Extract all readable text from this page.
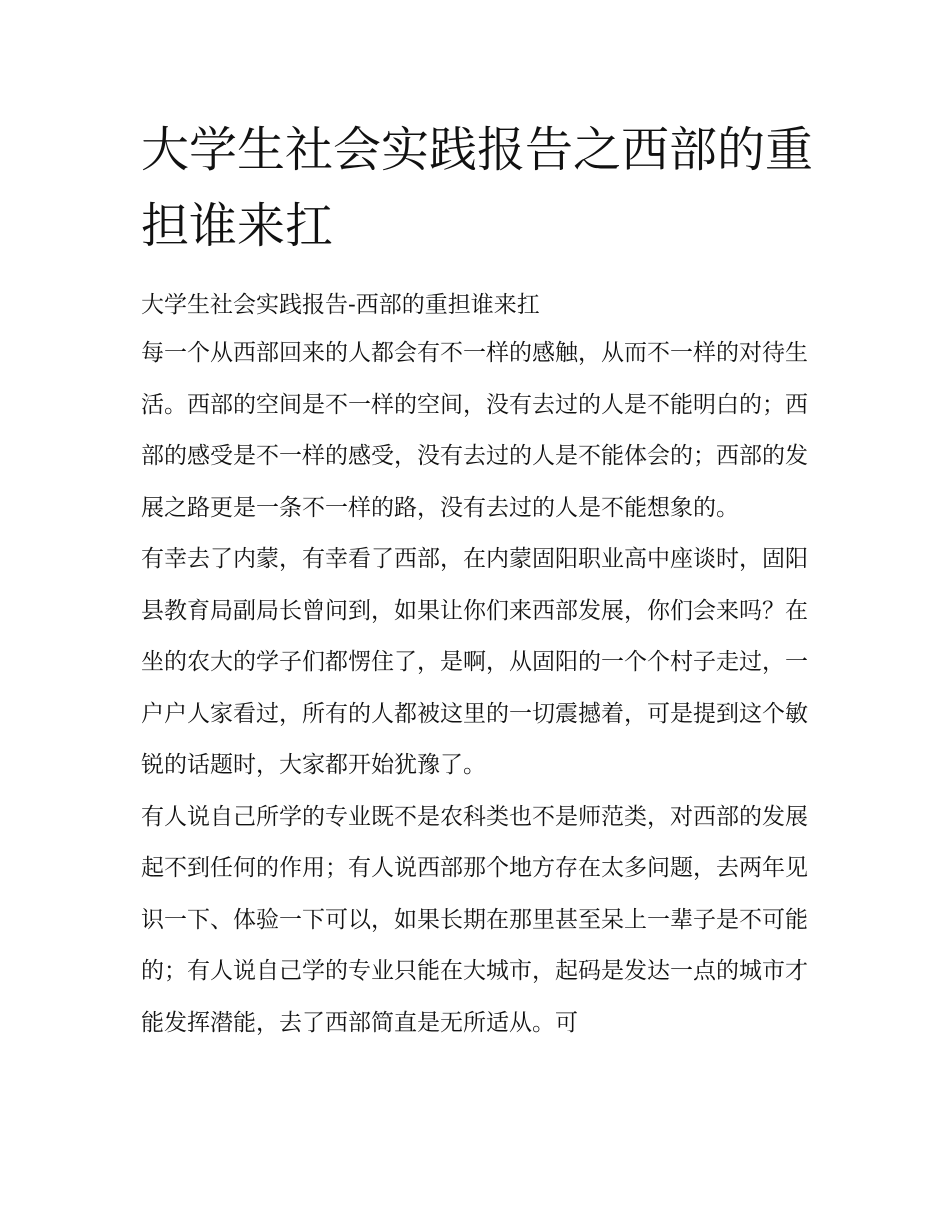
大学生社会实践报告之西部的重担谁来扛

大学生社会实践报告-西部的重担谁来扛

每一个从西部回来的人都会有不一样的感触，从而不一样的对待生活。西部的空间是不一样的空间，没有去过的人是不能明白的；西部的感受是不一样的感受，没有去过的人是不能体会的；西部的发展之路更是一条不一样的路，没有去过的人是不能想象的。

有幸去了内蒙，有幸看了西部，在内蒙固阳职业高中座谈时，固阳县教育局副局长曾问到，如果让你们来西部发展，你们会来吗？在坐的农大的学子们都愣住了，是啊，从固阳的一个个村子走过，一户户人家看过，所有的人都被这里的一切震撼着，可是提到这个敏锐的话题时，大家都开始犹豫了。

有人说自己所学的专业既不是农科类也不是师范类，对西部的发展起不到任何的作用；有人说西部那个地方存在太多问题，去两年见识一下、体验一下可以，如果长期在那里甚至呆上一辈子是不可能的；有人说自己学的专业只能在大城市，起码是发达一点的城市才能发挥潜能，去了西部简直是无所适从。可
